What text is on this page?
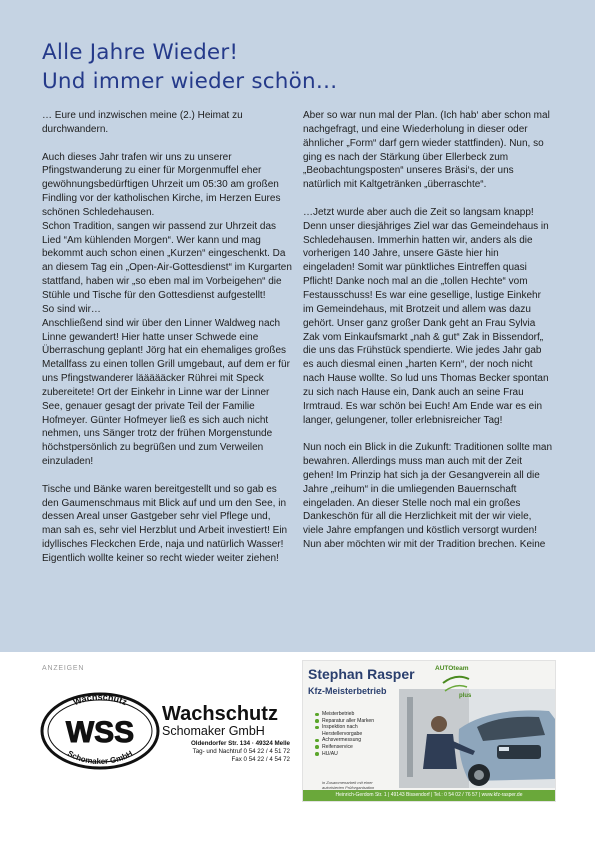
Alle Jahre Wieder!
Und immer wieder schön…

… Eure und inzwischen meine (2.) Heimat zu durchwandern.

Auch dieses Jahr trafen wir uns zu unserer Pfingstwanderung zu einer für Morgenmuffel eher gewöhnungsbedürftigen Uhrzeit um 05:30 am großen Findling vor der katholischen Kirche, im Herzen Eures schönen Schledehausen.

Schon Tradition, sangen wir passend zur Uhrzeit das Lied “Am kühlenden Morgen“. Wer kann und mag bekommt auch schon einen „Kurzen“ eingeschenkt. Da an diesem Tag ein „Open-Air-Gottesdienst“ im Kurgarten stattfand, haben wir „so eben mal im Vorbeigehen“ die Stühle und Tische für den Gottesdienst aufgestellt!

So sind wir…

Anschließend sind wir über den Linner Waldweg nach Linne gewandert! Hier hatte unser Schwede eine Überraschung geplant! Jörg hat ein ehemaliges großes Metallfass zu einen tollen Grill umgebaut, auf dem er für uns Pfingstwanderer läääääcker Rührei mit Speck zubereitete! Ort der Einkehr in Linne war der Linner See, genauer gesagt der private Teil der Familie Hofmeyer. Günter Hofmeyer ließ es sich auch nicht nehmen, uns Sänger trotz der frühen Morgenstunde höchstpersönlich zu begrüßen und zum Verweilen einzuladen!

Tische und Bänke waren bereitgestellt und so gab es den Gaumenschmaus mit Blick auf und um den See, in dessen Areal unser Gastgeber sehr viel Pflege und, man sah es, sehr viel Herzblut und Arbeit investiert! Ein idyllisches Fleckchen Erde, naja und natürlich Wasser! Eigentlich wollte keiner so recht wieder weiter ziehen!

Aber so war nun mal der Plan. (Ich hab‘ aber schon mal nachgefragt, und eine Wiederholung in dieser oder ähnlicher „Form“ darf gern wieder stattfinden). Nun, so ging es nach der Stärkung über Ellerbeck zum „Beobachtungsposten“ unseres Bräsi‘s, der uns natürlich mit Kaltgetränken „überraschte“.

…Jetzt wurde aber auch die Zeit so langsam knapp! Denn unser diesjähriges Ziel war das Gemeindehaus in Schledehausen. Immerhin hatten wir, anders als die vorherigen 140 Jahre, unsere Gäste hier hin eingeladen! Somit war pünktliches Eintreffen quasi Pflicht! Danke noch mal an die „tollen Hechte“ vom Festausschuss! Es war eine gesellige, lustige Einkehr im Gemeindehaus, mit Brotzeit und allem was dazu gehört. Unser ganz großer Dank geht an Frau Sylvia Zak vom Einkaufsmarkt „nah & gut“ Zak in Bissendorf„ die uns das Frühstück spendierte. Wie jedes Jahr gab es auch diesmal einen „harten Kern“, der noch nicht nach Hause wollte. So lud uns Thomas Becker spontan zu sich nach Hause ein, Dank auch an seine Frau Irmtraud. Es war schön bei Euch! Am Ende war es ein langer, gelungener, toller erlebnisreicher Tag!

Nun noch ein Blick in die Zukunft: Traditionen sollte man bewahren. Allerdings muss man auch mit der Zeit gehen! Im Prinzip hat sich ja der Gesangverein all die Jahre „reihum“ in die umliegenden Bauernschaft eingeladen. An dieser Stelle noch mal ein großes Dankeschön für all die Herzlichkeit mit der wir viele, viele Jahre empfangen und köstlich versorgt wurden! Nun aber möchten wir mit der Tradition brechen. Keine

ANZEIGEN
Wachschutz
Schomaker GmbH
WSS
Wachschutz
Schomaker GmbH
Oldendorfer Str. 134 · 49324 Melle
Tag- und Nachtruf 0 54 22 / 4 51 72
Fax 0 54 22 / 4 54 72
Stephan Rasper
Kfz-Meisterbetrieb
AUTOteam
plus
Meisterbetrieb
Reparatur aller Marken
Inspektion nach
Herstellervorgabe
Achsvermessung
Reifenservice
HU/AU
in Zusammenarbeit mit einer
autorisierten Prüforganisation
Heinrich-Gerdom Str. 1 | 49143 Bissendorf | Tel.: 0 54 02 / 76 57 | www.kfz-rasper.de
